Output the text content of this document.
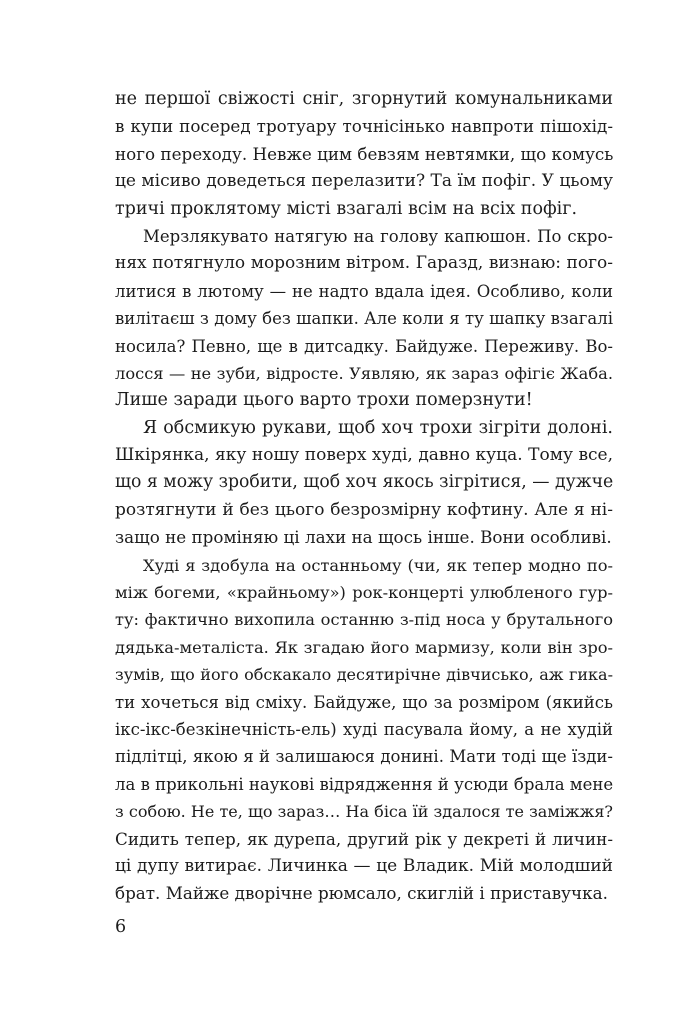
не першої свіжості сніг, згорнутий комунальниками
в купи посеред тротуару точнісінько навпроти пішохід-
ного переходу. Невже цим бевзям невтямки, що комусь
це місиво доведеться перелазити? Та їм пофіг. У цьому
тричі проклятому місті взагалі всім на всіх пофіг.
Мерзлякувато натягую на голову капюшон. По скро-
нях потягнуло морозним вітром. Гаразд, визнаю: пого-
литися в лютому — не надто вдала ідея. Особливо, коли
вилітаєш з дому без шапки. Але коли я ту шапку взагалі
носила? Певно, ще в дитсадку. Байдуже. Переживу. Во-
лосся — не зуби, відросте. Уявляю, як зараз офігіє Жаба.
Лише заради цього варто трохи померзнути!
Я обсмикую рукави, щоб хоч трохи зігріти долоні.
Шкірянка, яку ношу поверх худі, давно куца. Тому все,
що я можу зробити, щоб хоч якось зігрітися, — дужче
розтягнути й без цього безрозмірну кофтину. Але я ні-
защо не проміняю ці лахи на щось інше. Вони особливі.
Худі я здобула на останньому (чи, як тепер модно по-
між богеми, «крайньому») рок-концерті улюбленого гур-
ту: фактично вихопила останню з-під носа у брутального
дядька-металіста. Як згадаю його мармизу, коли він зро-
зумів, що його обскакало десятирічне дівчисько, аж гика-
ти хочеться від сміху. Байдуже, що за розміром (якийсь
ікс-ікс-безкінечність-ель) худі пасувала йому, а не худій
підлітці, якою я й залишаюся донині. Мати тоді ще їзди-
ла в прикольні наукові відрядження й усюди брала мене
з собою. Не те, що зараз… На біса їй здалося те заміжжя?
Сидить тепер, як дурепа, другий рік у декреті й личин-
ці дупу витирає. Личинка — це Владик. Мій молодший
брат. Майже дворічне рюмсало, скиглій і приставучка.
6
